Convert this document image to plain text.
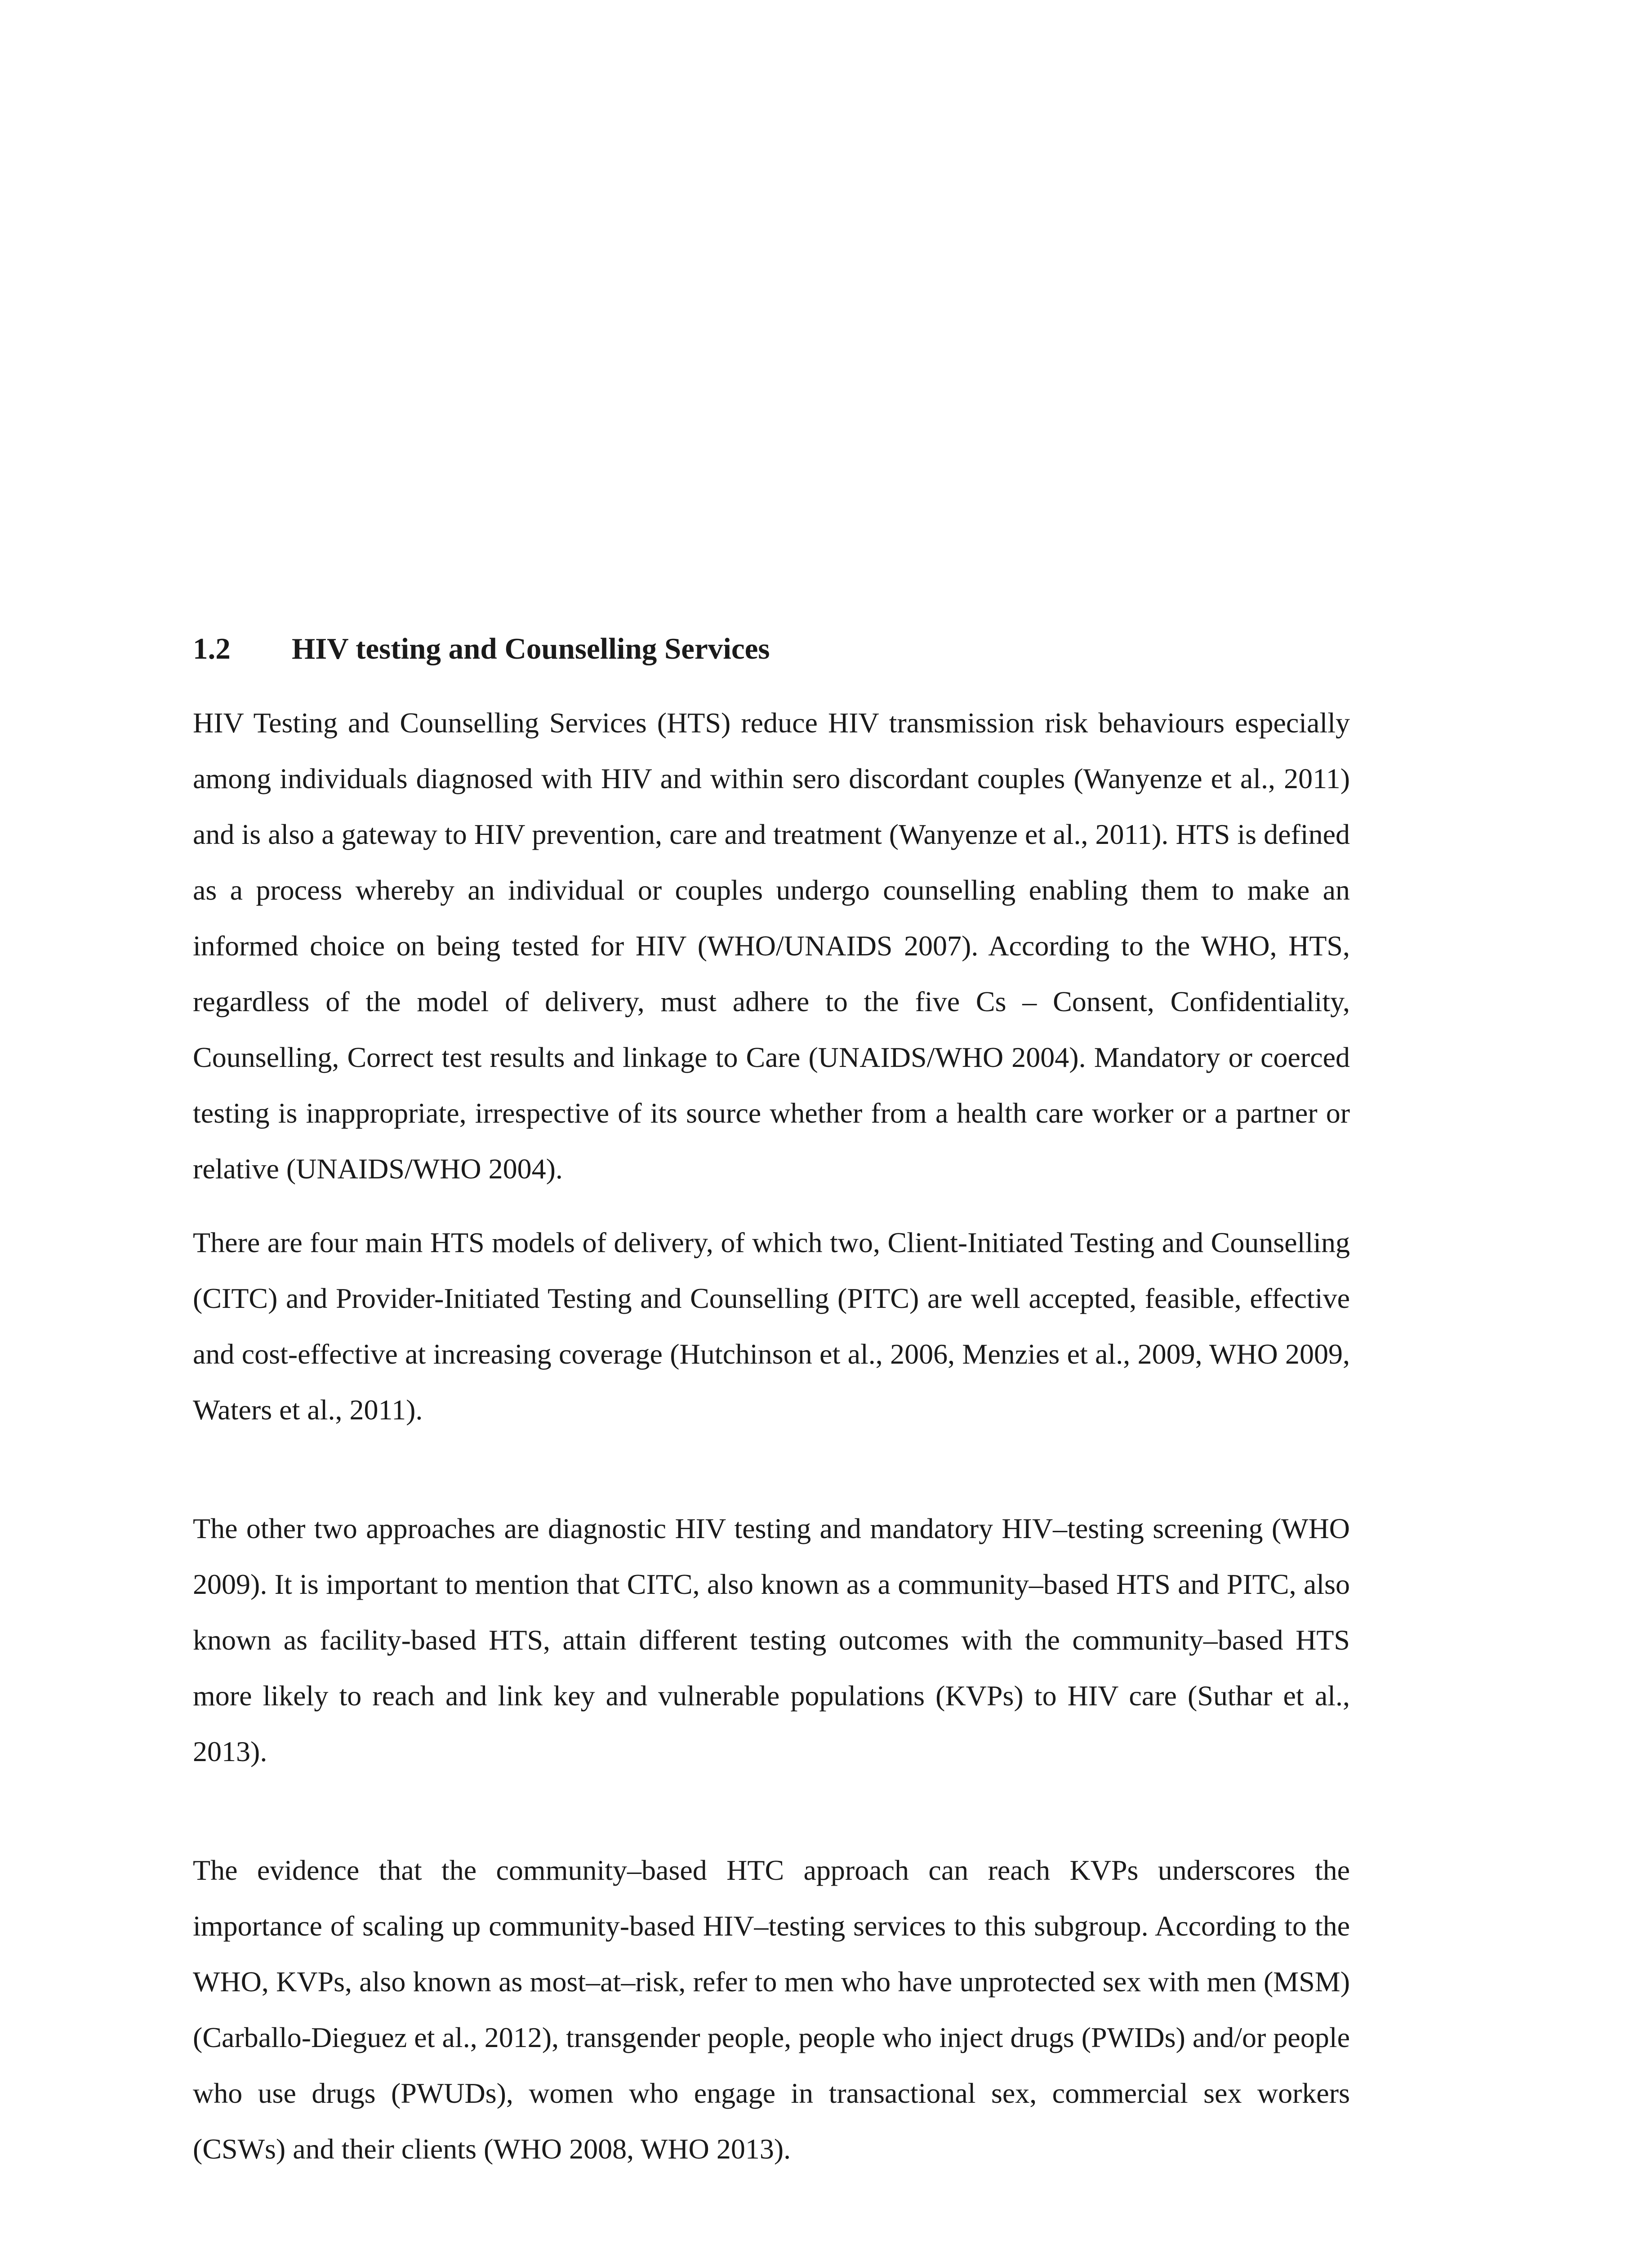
1.2	HIV testing and Counselling Services

HIV Testing and Counselling Services (HTS) reduce HIV transmission risk behaviours especially among individuals diagnosed with HIV and within sero discordant couples (Wanyenze et al., 2011) and is also a gateway to HIV prevention, care and treatment (Wanyenze et al., 2011). HTS is defined as a process whereby an individual or couples undergo counselling enabling them to make an informed choice on being tested for HIV (WHO/UNAIDS 2007). According to the WHO, HTS, regardless of the model of delivery, must adhere to the five Cs – Consent, Confidentiality, Counselling, Correct test results and linkage to Care (UNAIDS/WHO 2004). Mandatory or coerced testing is inappropriate, irrespective of its source whether from a health care worker or a partner or relative (UNAIDS/WHO 2004).

There are four main HTS models of delivery, of which two, Client-Initiated Testing and Counselling (CITC) and Provider-Initiated Testing and Counselling (PITC) are well accepted, feasible, effective and cost-effective at increasing coverage (Hutchinson et al., 2006, Menzies et al., 2009, WHO 2009, Waters et al., 2011).

The other two approaches are diagnostic HIV testing and mandatory HIV–testing screening (WHO 2009). It is important to mention that CITC, also known as a community–based HTS and PITC, also known as facility-based HTS, attain different testing outcomes with the community–based HTS more likely to reach and link key and vulnerable populations (KVPs) to HIV care (Suthar et al., 2013).

The evidence that the community–based HTC approach can reach KVPs underscores the importance of scaling up community-based HIV–testing services to this subgroup. According to the WHO, KVPs, also known as most–at–risk, refer to men who have unprotected sex with men (MSM) (Carballo-Dieguez et al., 2012), transgender people, people who inject drugs (PWIDs) and/or people who use drugs (PWUDs), women who engage in transactional sex, commercial sex workers (CSWs) and their clients (WHO 2008, WHO 2013).
